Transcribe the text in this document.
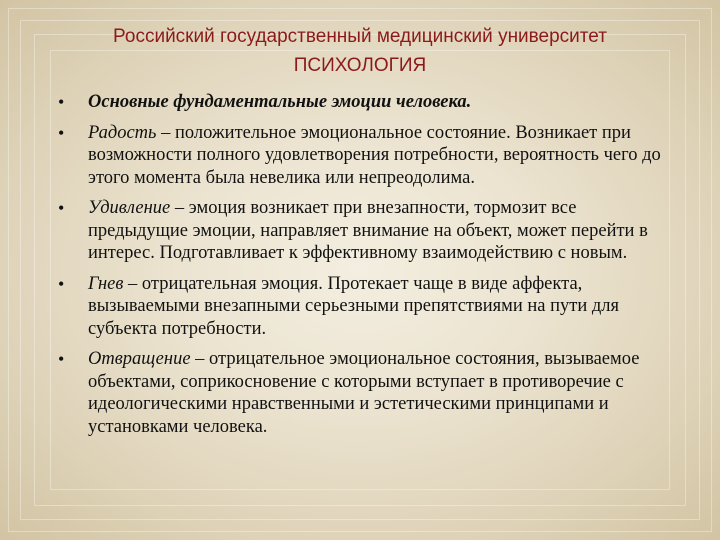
Российский государственный медицинский университет
ПСИХОЛОГИЯ
• Основные фундаментальные эмоции человека.
• Радость – положительное эмоциональное состояние. Возникает при возможности полного удовлетворения потребности, вероятность чего до этого момента была невелика или непреодолима.
• Удивление – эмоция возникает при внезапности, тормозит все предыдущие эмоции, направляет внимание на объект, может перейти в интерес. Подготавливает к эффективному взаимодействию с новым.
• Гнев – отрицательная эмоция. Протекает чаще в виде аффекта, вызываемыми внезапными серьезными препятствиями на пути для субъекта потребности.
• Отвращение – отрицательное эмоциональное состояния, вызываемое объектами, соприкосновение с которыми вступает в противоречие с идеологическими нравственными и эстетическими принципами и установками человека.
